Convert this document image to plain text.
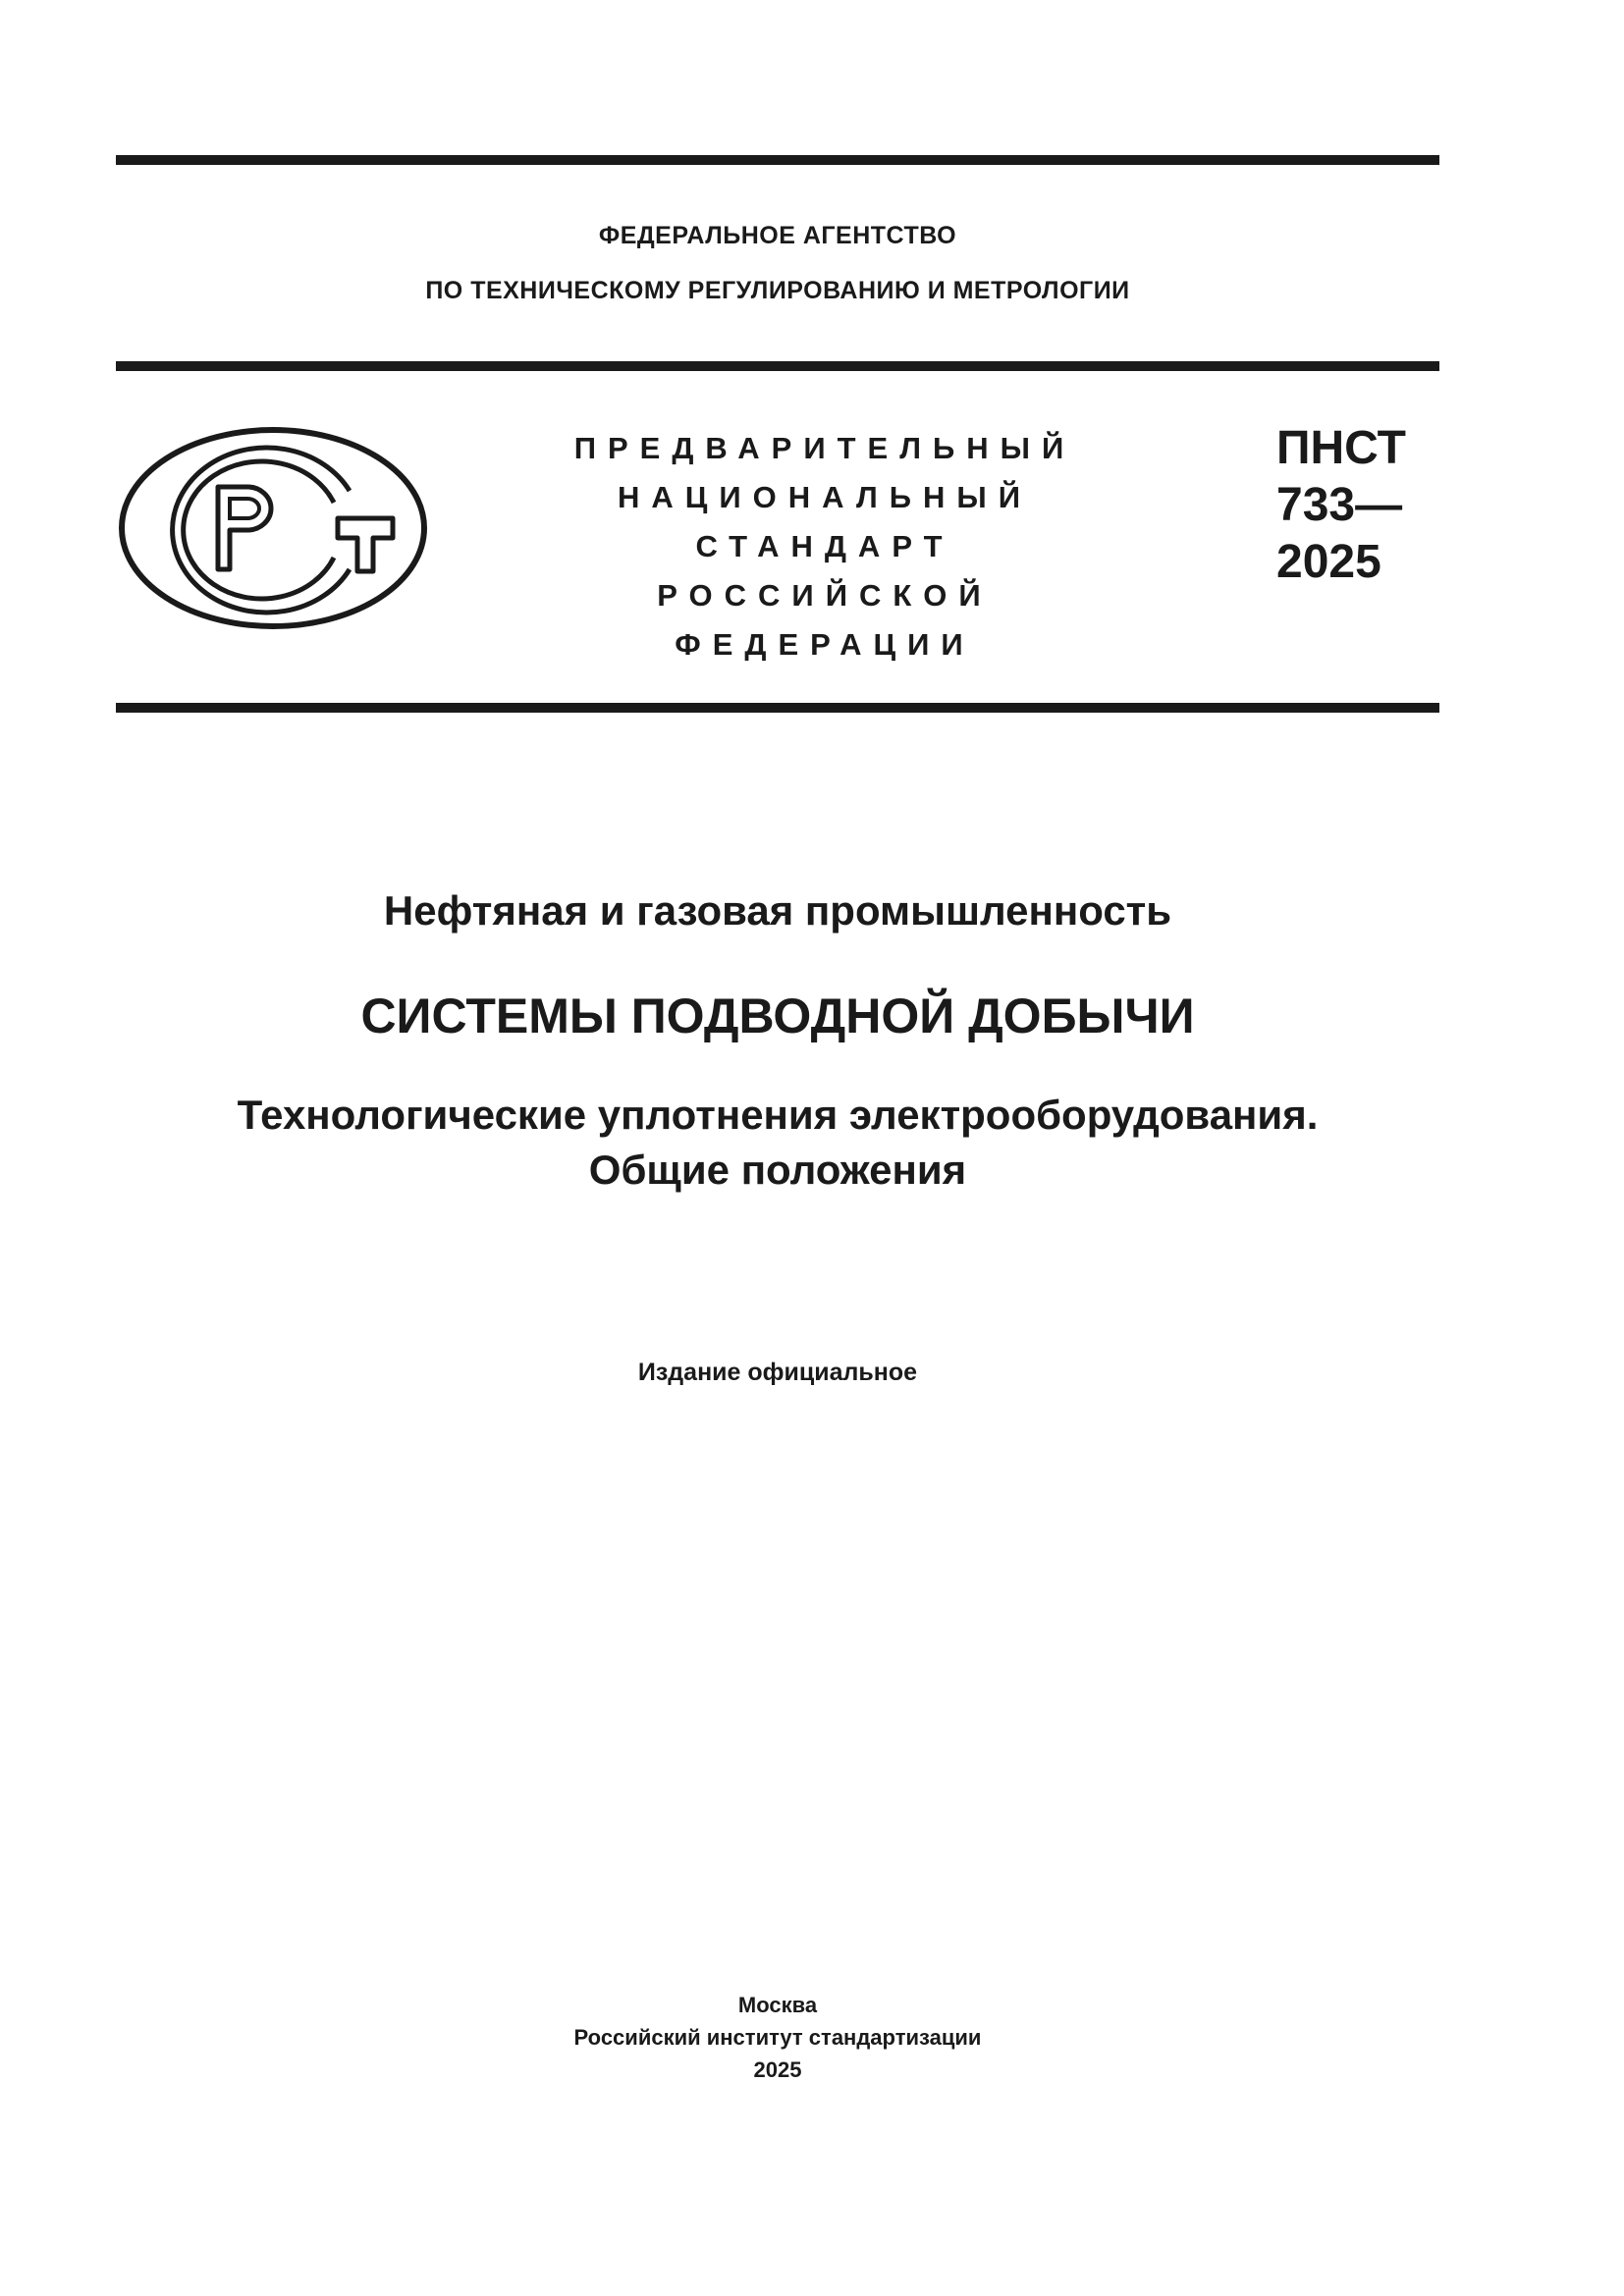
ФЕДЕРАЛЬНОЕ АГЕНТСТВО
ПО ТЕХНИЧЕСКОМУ РЕГУЛИРОВАНИЮ И МЕТРОЛОГИИ
ПРЕДВАРИТЕЛЬНЫЙ
НАЦИОНАЛЬНЫЙ
СТАНДАРТ
РОССИЙСКОЙ
ФЕДЕРАЦИИ
ПНСТ
733—
2025
Нефтяная и газовая промышленность
СИСТЕМЫ ПОДВОДНОЙ ДОБЫЧИ
Технологические уплотнения электрооборудования.
Общие положения
Издание официальное
Москва
Российский институт стандартизации
2025
